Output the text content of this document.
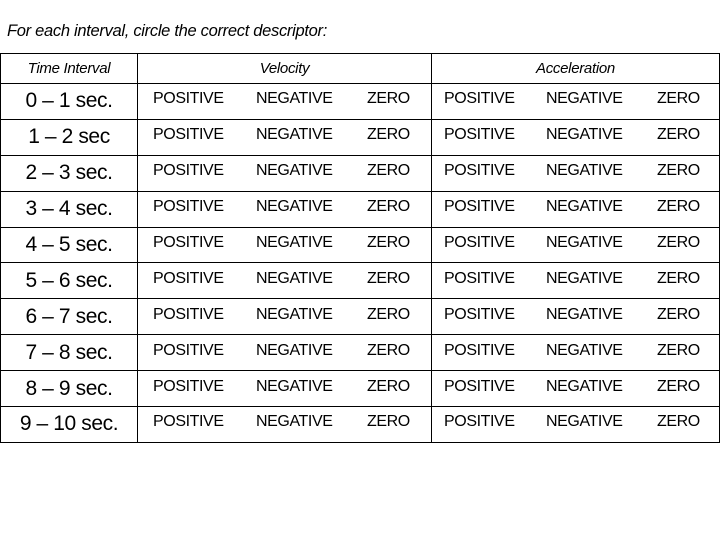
For each interval, circle the correct descriptor:
Time Interval	Velocity	Acceleration
0 – 1 sec.	POSITIVE NEGATIVE ZERO	POSITIVE NEGATIVE ZERO

1 – 2 sec	POSITIVE NEGATIVE ZERO	POSITIVE NEGATIVE ZERO

2 – 3 sec.	POSITIVE NEGATIVE ZERO	POSITIVE NEGATIVE ZERO

3 – 4 sec.	POSITIVE NEGATIVE ZERO	POSITIVE NEGATIVE ZERO

4 – 5 sec.	POSITIVE NEGATIVE ZERO	POSITIVE NEGATIVE ZERO

5 – 6 sec.	POSITIVE NEGATIVE ZERO	POSITIVE NEGATIVE ZERO

6 – 7 sec.	POSITIVE NEGATIVE ZERO	POSITIVE NEGATIVE ZERO

7 – 8 sec.	POSITIVE NEGATIVE ZERO	POSITIVE NEGATIVE ZERO

8 – 9 sec.	POSITIVE NEGATIVE ZERO	POSITIVE NEGATIVE ZERO

9 – 10 sec.	POSITIVE NEGATIVE ZERO	POSITIVE NEGATIVE ZERO
